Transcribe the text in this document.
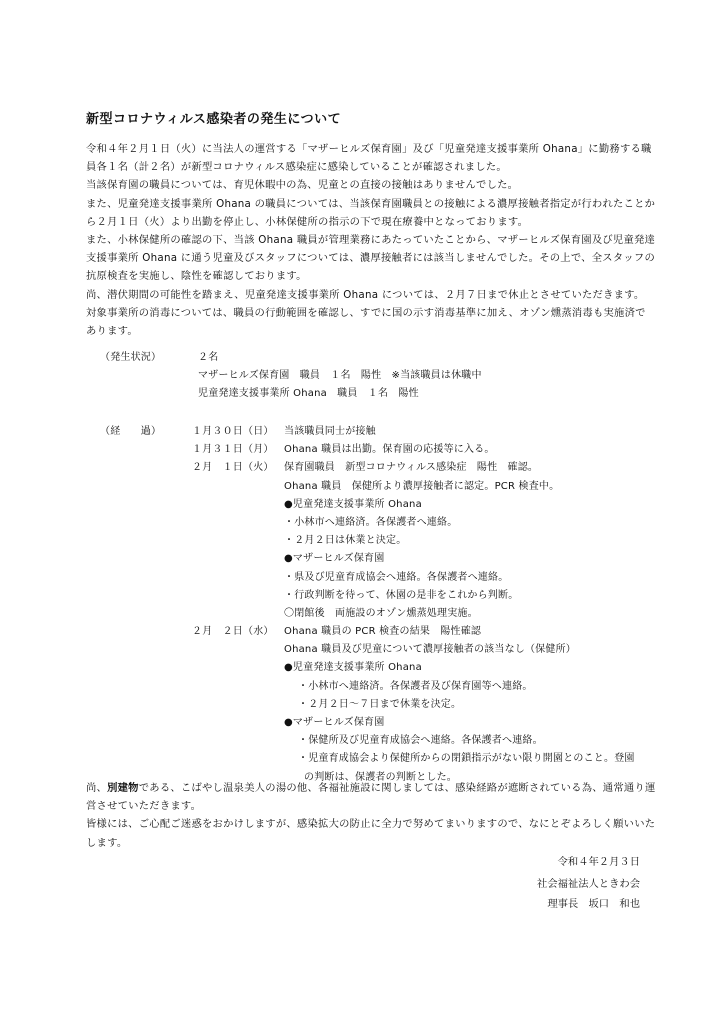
新型コロナウィルス感染者の発生について

令和４年２月１日（火）に当法人の運営する「マザーヒルズ保育園」及び「児童発達支援事業所 Ohana」に勤務する職員各１名（計２名）が新型コロナウィルス感染症に感染していることが確認されました。

当該保育園の職員については、育児休暇中の為、児童との直接の接触はありませんでした。

また、児童発達支援事業所 Ohana の職員については、当該保育園職員との接触による濃厚接触者指定が行われたことから２月１日（火）より出勤を停止し、小林保健所の指示の下で現在療養中となっております。

また、小林保健所の確認の下、当該 Ohana 職員が管理業務にあたっていたことから、マザーヒルズ保育園及び児童発達支援事業所 Ohana に通う児童及びスタッフについては、濃厚接触者には該当しませんでした。その上で、全スタッフの抗原検査を実施し、陰性を確認しております。

尚、潜伏期間の可能性を踏まえ、児童発達支援事業所 Ohana については、２月７日まで休止とさせていただきます。

対象事業所の消毒については、職員の行動範囲を確認し、すでに国の示す消毒基準に加え、オゾン燻蒸消毒も実施済であります。

（発生状況）	２名
マザーヒルズ保育園　職員　１名　陽性　※当該職員は休職中
児童発達支援事業所 Ohana　職員　１名　陽性
（経　　過）	１月３０日（日） 当該職員同士が接触
１月３１日（月） Ohana 職員は出勤。保育園の応援等に入る。
２月　１日（火） 保育園職員　新型コロナウィルス感染症　陽性　確認。
Ohana 職員　保健所より濃厚接触者に認定。PCR 検査中。
●児童発達支援事業所 Ohana
・小林市へ連絡済。各保護者へ連絡。
・２月２日は休業と決定。
●マザーヒルズ保育園
・県及び児童育成協会へ連絡。各保護者へ連絡。
・行政判断を待って、休園の是非をこれから判断。
〇閉館後　両施設のオゾン燻蒸処理実施。
２月　２日（水） Ohana 職員の PCR 検査の結果　陽性確認
Ohana 職員及び児童について濃厚接触者の該当なし（保健所）
●児童発達支援事業所 Ohana
・小林市へ連絡済。各保護者及び保育園等へ連絡。
・２月２日～７日まで休業を決定。
●マザーヒルズ保育園
・保健所及び児童育成協会へ連絡。各保護者へ連絡。
・児童育成協会より保健所からの閉鎖指示がない限り開園とのこと。登園
の判断は、保護者の判断とした。

尚、別建物である、こばやし温泉美人の湯の他、各福祉施設に関しましては、感染経路が遮断されている為、通常通り運営させていただきます。

皆様には、ご心配ご迷惑をおかけしますが、感染拡大の防止に全力で努めてまいりますので、なにとぞよろしく願いいたします。

令和４年２月３日
社会福祉法人ときわ会
理事長　坂口　和也
